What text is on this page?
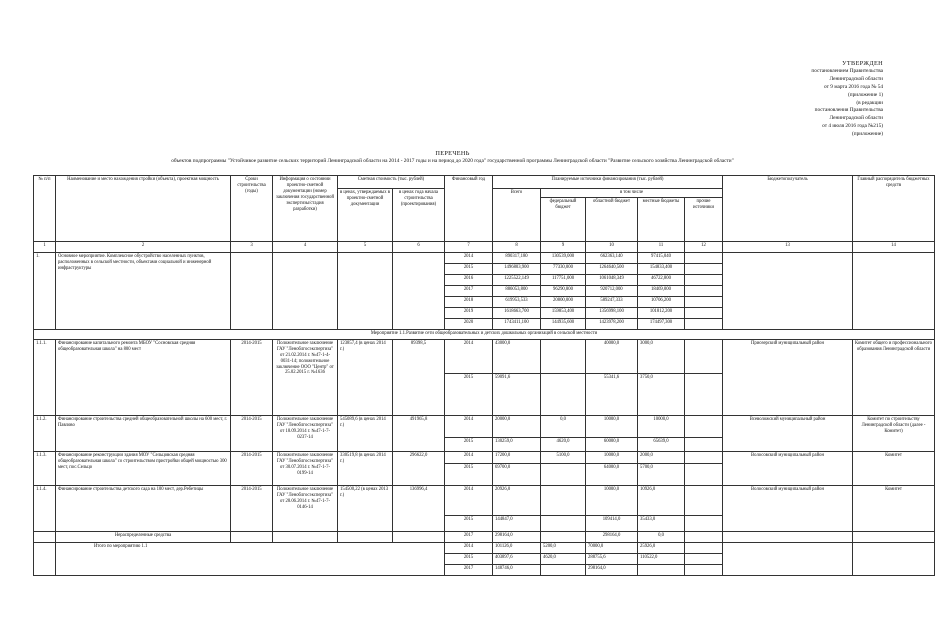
УТВЕРЖДЕН
постановлением Правительства
Ленинградской области
от 9 марта 2016 года № 54
(приложение 1)
(в редакции
постановления Правительства
Ленинградской области
от 4 июля 2016 года №215)
(приложение)
ПЕРЕЧЕНЬ
объектов подпрограммы "Устойчивое развитие сельских территорий Ленинградской области на 2014 - 2017 годы и на период до 2020 года" государственной программы Ленинградской области "Развитие сельского хозяйства Ленинградской области"
№ п/п	Наименование и место нахождения стройки (объекта), проектная мощность	Сроки строительства (годы)	Информация о состоянии проектно-сметной документации (номер заключения государственной экспертизы/стадия разработки)	Сметная стоимость (тыс. рублей)		Финансовый год	Планируемые источники финансирования (тыс. рублей)					Бюджетополучатель	Главный распорядитель бюджетных средств
				в ценах, утверждаемых в проектно-сметной документации	в ценах года начала строительства (проектирования)		Всего	в том числе					
								федеральный бюджет	областной бюджет	местные бюджеты	прочие источники		
1	2	3	4	5	6	7	8	9	10	11	12	13	14
1.	Основное мероприятие. Комплексное обустройство населенных пунктов, расположенных в сельской местности, объектами социальной и инженерной инфраструктуры					2014	890317,180	130539,000	662363,140	97415,040			
						2015	1496803,900	77330,000	1264640,500	154833,400			
						2016	1225522,149	117751,000	1061048,349	46722,800			
						2017	886053,800	96290,800	920712,000	18469,000			
						2018	619953,533	20800,000	589247,333	10706,200			
						2019	1618663,700	159853,400	1356998,100	101812,200			
						2020	1743411,100	144935,600	1423978,200	174497,300			
Мероприятие 1.1.Развитие сети общеобразовательных и детских дошкольных организаций в сельской местности													
1.1.1.	Финансирование капитального ремонта МБОУ "Сосновская средняя общеобразовательная школа" на 800 мест	2014-2015	Положительное заключение ГАУ "Леноблгосэкспертиза" от 21.02.2014 г. №47-1-4-0031-14; положительное заключение ООО "Центр" от 25.02.2015 г. №1636	123857,4 (в ценах 2014 г.)	89398,5	2014	43000,0		40000,0	3000,0		Приозерский муниципальный район	Комитет общего и профессионального образования Ленинградской области
						2015	59091,6		55341,6	3750,0			
1.1.2.	Финансирование строительства средней общеобразовательной школы на 600 мест, г. Павлово	2014-2015	Положительное заключение ГАУ "Леноблгосэкспертиза" от 18.09.2014 г. №47-1-7-0237-14	545089,6 (в ценах 2014 г.)	491965,8	2014	20000,0	0,0	10000,0	10000,0		Всеволожский муниципальный район	Комитет по строительству Ленинградской области (далее - Комитет)
						2015	130259,0	4620,0	60000,0	65639,0			
1.1.3.	Финансирование реконструкции здания МОУ "Сельцовская средняя общеобразовательная школа" со строительством пристройки общей мощностью 300 мест, пос.Сельцо	2014-2015	Положительное заключение ГАУ "Леноблгосэкспертиза" от 30.07.2014 г. №47-1-7-0199-14	330519,8 (в ценах 2014 г.)	296622,0	2014	17200,0	5100,0	10000,0	2000,0		Волосовский муниципальный район	Комитет
						2015	69700,0		64000,0	5700,0			
1.1.4.	Финансирование строительства детского сада на 100 мест, дер.Ребетицы	2014-2015	Положительное заключение ГАУ "Леноблгосэкспертиза" от 28.06.2014 г. №47-1-7-0146-14	154500,22 (в ценах 2013 г.)	136996,4	2014	20926,0		10000,0	10926,0		Волосовский муниципальный район	Комитет
						2015	144847,0		109414,0	35433,0			
	Нераспределенные средства					2017	298164,0		298164,0	0,0			
	Итого по мероприятию 1.1					2014	101126,0	5200,0	70000,0	25926,0			
						2015	403897,6	4620,0	288755,6	110522,0			
						2017	148746,0		298164,0				
